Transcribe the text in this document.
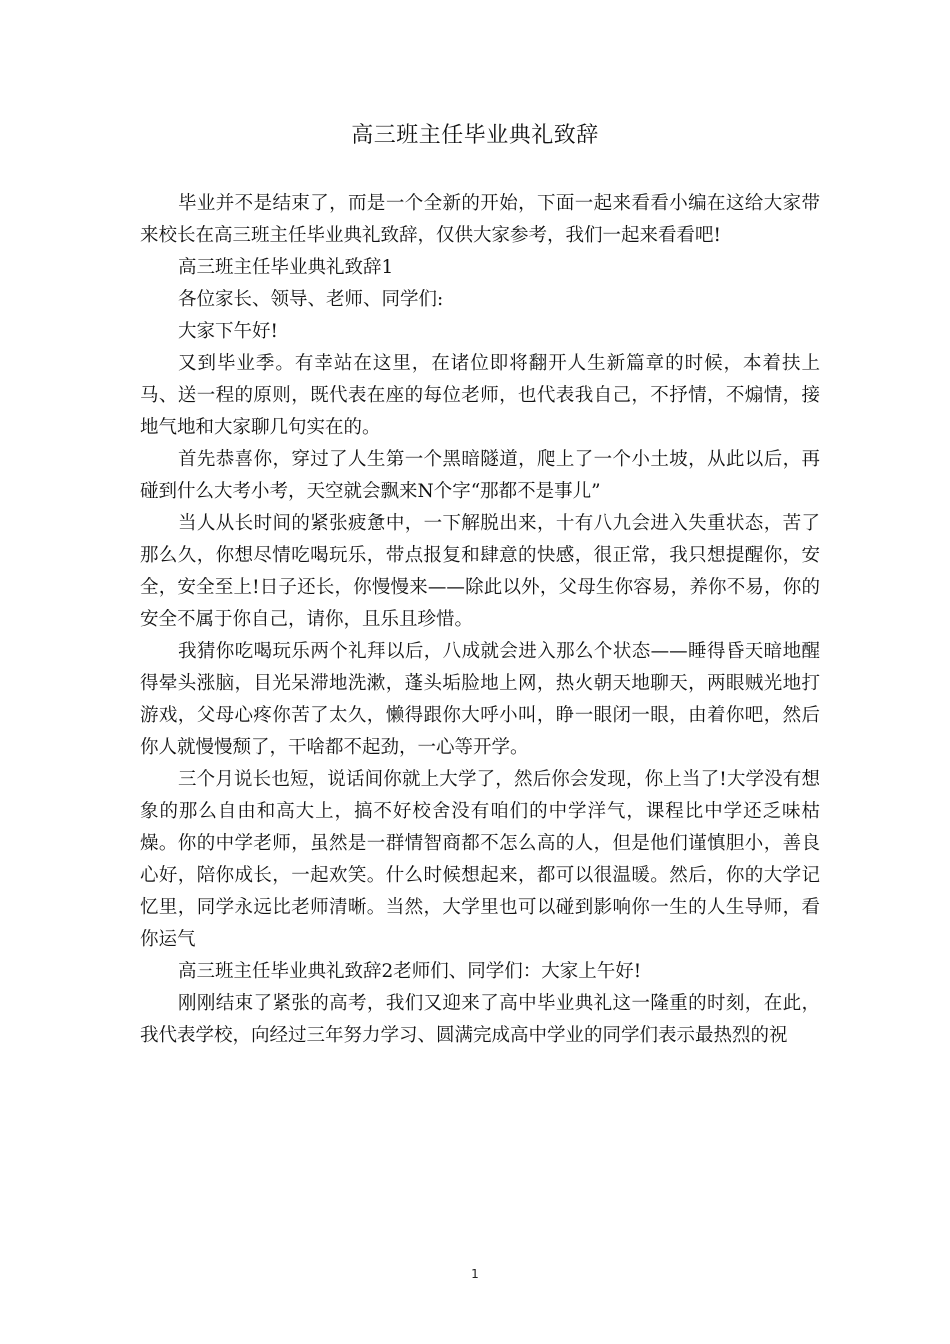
高三班主任毕业典礼致辞

毕业并不是结束了，而是一个全新的开始，下面一起来看看小编在这给大家带来校长在高三班主任毕业典礼致辞，仅供大家参考，我们一起来看看吧!

高三班主任毕业典礼致辞1

各位家长、领导、老师、同学们:

大家下午好!

又到毕业季。有幸站在这里，在诸位即将翻开人生新篇章的时候，本着扶上马、送一程的原则，既代表在座的每位老师，也代表我自己，不抒情，不煽情，接地气地和大家聊几句实在的。

首先恭喜你，穿过了人生第一个黑暗隧道，爬上了一个小土坡，从此以后，再碰到什么大考小考，天空就会飘来N个字“那都不是事儿”

当人从长时间的紧张疲惫中，一下解脱出来，十有八九会进入失重状态，苦了那么久，你想尽情吃喝玩乐，带点报复和肆意的快感，很正常，我只想提醒你，安全，安全至上!日子还长，你慢慢来——除此以外，父母生你容易，养你不易，你的安全不属于你自己，请你，且乐且珍惜。

我猜你吃喝玩乐两个礼拜以后，八成就会进入那么个状态——睡得昏天暗地醒得晕头涨脑，目光呆滞地洗漱，蓬头垢脸地上网，热火朝天地聊天，两眼贼光地打游戏，父母心疼你苦了太久，懒得跟你大呼小叫，睁一眼闭一眼，由着你吧，然后你人就慢慢颓了，干啥都不起劲，一心等开学。

三个月说长也短，说话间你就上大学了，然后你会发现，你上当了!大学没有想象的那么自由和高大上，搞不好校舍没有咱们的中学洋气，课程比中学还乏味枯燥。你的中学老师，虽然是一群情智商都不怎么高的人，但是他们谨慎胆小，善良心好，陪你成长，一起欢笑。什么时候想起来，都可以很温暖。然后，你的大学记忆里，同学永远比老师清晰。当然，大学里也可以碰到影响你一生的人生导师，看你运气

高三班主任毕业典礼致辞2老师们、同学们：大家上午好!

刚刚结束了紧张的高考，我们又迎来了高中毕业典礼这一隆重的时刻，在此，我代表学校，向经过三年努力学习、圆满完成高中学业的同学们表示最热烈的祝

1
